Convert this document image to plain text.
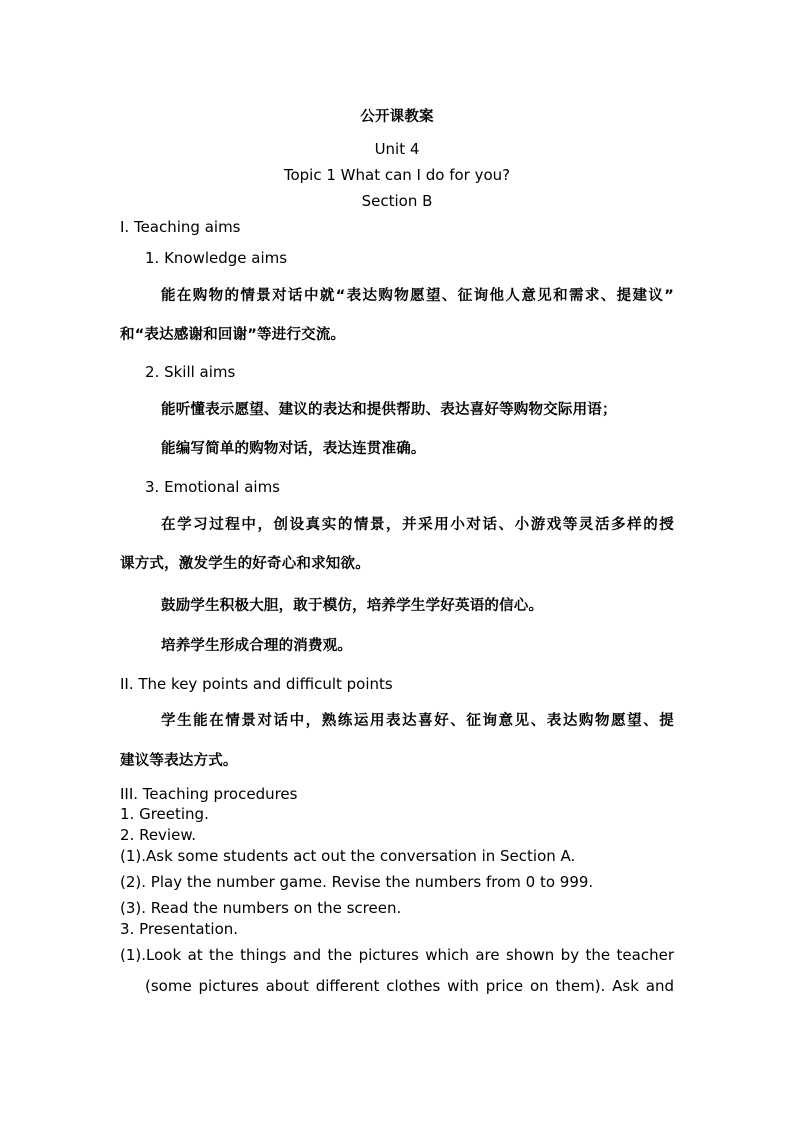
公开课教案
Unit 4
Topic 1 What can I do for you?
Section B
I. Teaching aims
1. Knowledge aims
能在购物的情景对话中就“表达购物愿望、征询他人意见和需求、提建议”
和“表达感谢和回谢”等进行交流。
2. Skill aims
能听懂表示愿望、建议的表达和提供帮助、表达喜好等购物交际用语；
能编写简单的购物对话，表达连贯准确。
3. Emotional aims
在学习过程中，创设真实的情景，并采用小对话、小游戏等灵活多样的授
课方式，激发学生的好奇心和求知欲。
鼓励学生积极大胆，敢于模仿，培养学生学好英语的信心。
培养学生形成合理的消费观。
II. The key points and difficult points
学生能在情景对话中，熟练运用表达喜好、征询意见、表达购物愿望、提
建议等表达方式。
III. Teaching procedures
1. Greeting.
2. Review.
(1).Ask some students act out the conversation in Section A.
(2). Play the number game. Revise the numbers from 0 to 999.
(3). Read the numbers on the screen.
3. Presentation.
(1).Look at the things and the pictures which are shown by the teacher
(some pictures about different clothes with price on them). Ask and
